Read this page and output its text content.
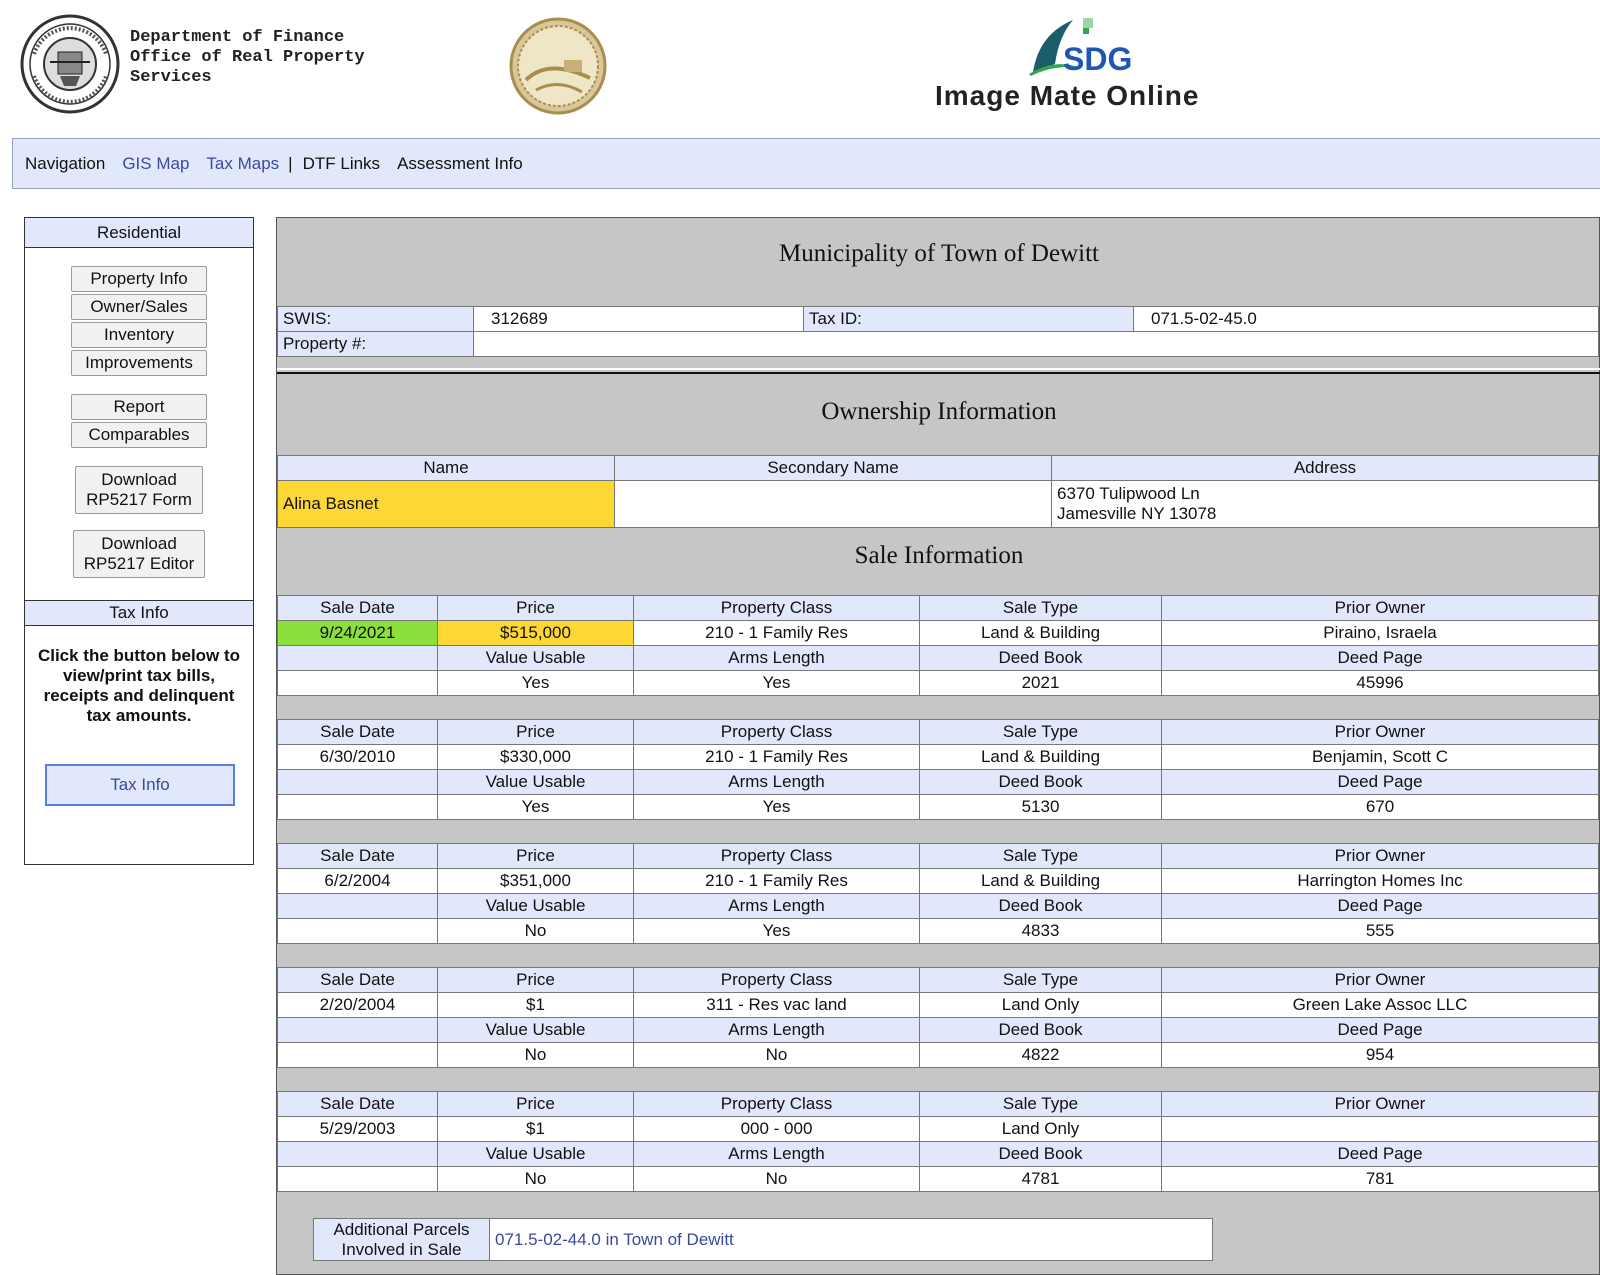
Department of Finance
Office of Real Property
Services
SDG
Image Mate Online
Navigation GIS Map Tax Maps | DTF Links Assessment Info
Residential
Property Info
Owner/Sales
Inventory
Improvements
Report
Comparables
Download
RP5217 Form
Download
RP5217 Editor
Tax Info
Click the button below to view/print tax bills, receipts and delinquent tax amounts.
Tax Info
Municipality of Town of Dewitt
SWIS:	312689	Tax ID:	071.5-02-45.0
Property #:			
Ownership Information
Name	Secondary Name	Address
Alina Basnet		6370 Tulipwood Ln
Jamesville NY 13078
Sale Information
Sale Date	Price	Property Class	Sale Type	Prior Owner
9/24/2021	$515,000	210 - 1 Family Res	Land & Building	Piraino, Israela
	Value Usable	Arms Length	Deed Book	Deed Page
	Yes	Yes	2021	45996
Sale Date	Price	Property Class	Sale Type	Prior Owner
6/30/2010	$330,000	210 - 1 Family Res	Land & Building	Benjamin, Scott C
	Value Usable	Arms Length	Deed Book	Deed Page
	Yes	Yes	5130	670
Sale Date	Price	Property Class	Sale Type	Prior Owner
6/2/2004	$351,000	210 - 1 Family Res	Land & Building	Harrington Homes Inc
	Value Usable	Arms Length	Deed Book	Deed Page
	No	Yes	4833	555
Sale Date	Price	Property Class	Sale Type	Prior Owner
2/20/2004	$1	311 - Res vac land	Land Only	Green Lake Assoc LLC
	Value Usable	Arms Length	Deed Book	Deed Page
	No	No	4822	954
Sale Date	Price	Property Class	Sale Type	Prior Owner
5/29/2003	$1	000 - 000	Land Only	
	Value Usable	Arms Length	Deed Book	Deed Page
	No	No	4781	781
Additional Parcels
Involved in Sale
	071.5-02-44.0 in Town of Dewitt
